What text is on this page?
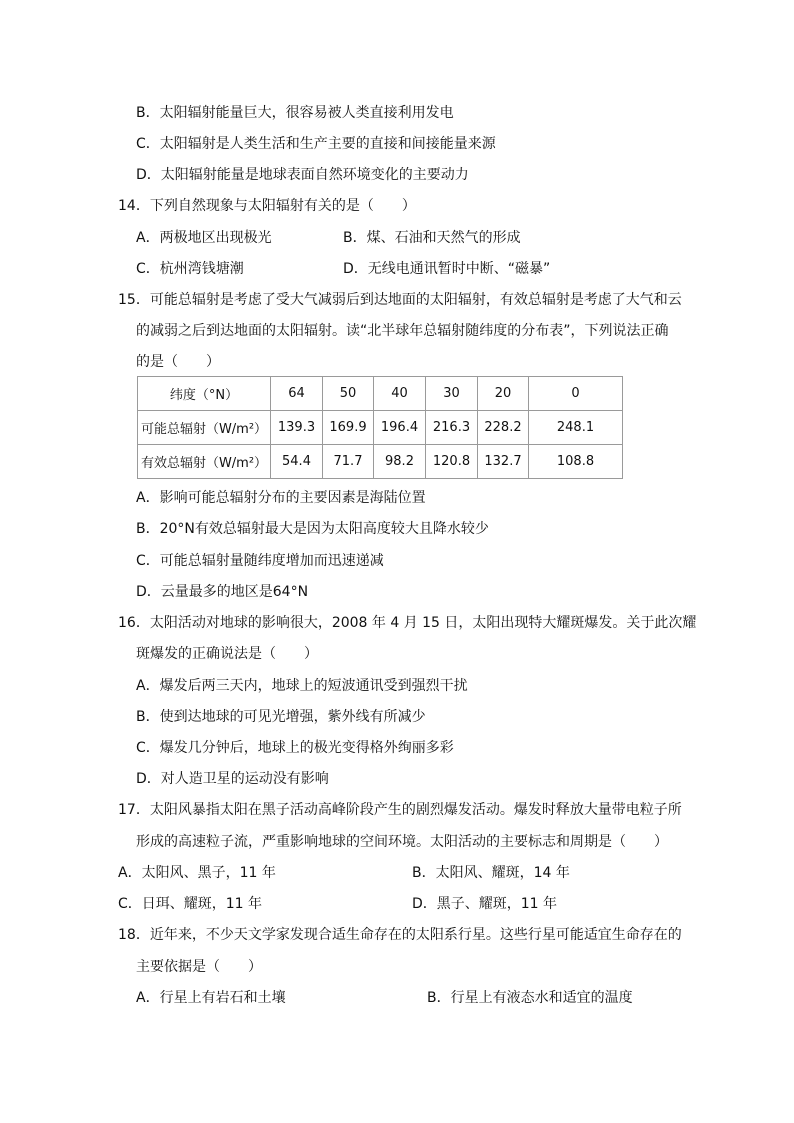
B．太阳辐射能量巨大，很容易被人类直接利用发电
C．太阳辐射是人类生活和生产主要的直接和间接能量来源
D．太阳辐射能量是地球表面自然环境变化的主要动力
14．下列自然现象与太阳辐射有关的是（　　）
A．两极地区出现极光	B．煤、石油和天然气的形成
C．杭州湾钱塘潮	D．无线电通讯暂时中断、“磁暴”
15．可能总辐射是考虑了受大气减弱后到达地面的太阳辐射，有效总辐射是考虑了大气和云
的减弱之后到达地面的太阳辐射。读“北半球年总辐射随纬度的分布表”，下列说法正确
的是（　　）
纬度（°N）	64	50	40	30	20	0
可能总辐射（W/m²）	139.3	169.9	196.4	216.3	228.2	248.1
有效总辐射（W/m²）	54.4	71.7	98.2	120.8	132.7	108.8
A．影响可能总辐射分布的主要因素是海陆位置
B．20°N有效总辐射最大是因为太阳高度较大且降水较少
C．可能总辐射量随纬度增加而迅速递减
D．云量最多的地区是64°N
16．太阳活动对地球的影响很大，2008 年 4 月 15 日，太阳出现特大耀斑爆发。关于此次耀
斑爆发的正确说法是（　　）
A．爆发后两三天内，地球上的短波通讯受到强烈干扰
B．使到达地球的可见光增强，紫外线有所减少
C．爆发几分钟后，地球上的极光变得格外绚丽多彩
D．对人造卫星的运动没有影响
17．太阳风暴指太阳在黑子活动高峰阶段产生的剧烈爆发活动。爆发时释放大量带电粒子所
形成的高速粒子流，严重影响地球的空间环境。太阳活动的主要标志和周期是（　　）
A．太阳风、黑子，11 年	B．太阳风、耀斑，14 年
C．日珥、耀斑，11 年	D．黑子、耀斑，11 年
18．近年来，不少天文学家发现合适生命存在的太阳系行星。这些行星可能适宜生命存在的
主要依据是（　　）
A．行星上有岩石和土壤	B．行星上有液态水和适宜的温度
